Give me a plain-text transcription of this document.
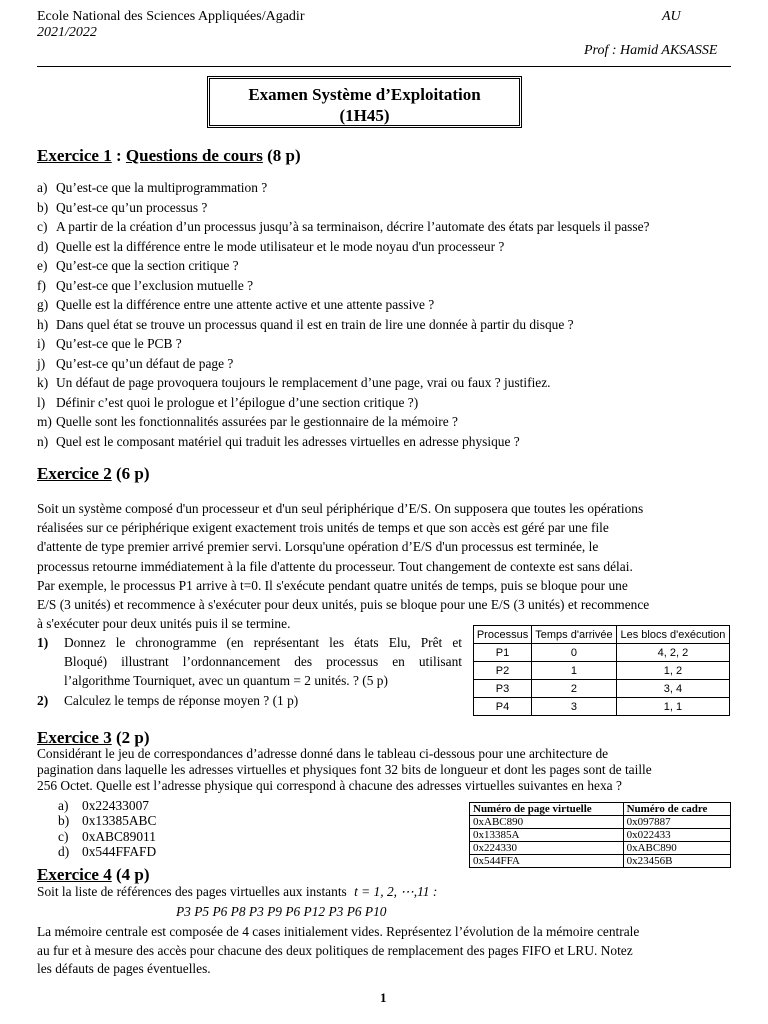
Ecole National des Sciences Appliquées/Agadir
2021/2022
AU
Prof : Hamid AKSASSE
Examen Système d’Exploitation
(1H45)
Exercice 1 : Questions de cours (8 p)
a) Qu’est-ce que la multiprogrammation ?
b) Qu’est-ce qu’un processus ?
c) A partir de la création d’un processus jusqu’à sa terminaison, décrire l’automate des états par lesquels il passe?
d) Quelle est la différence entre le mode utilisateur et le mode noyau d'un processeur ?
e) Qu’est-ce que la section critique ?
f) Qu’est-ce que l’exclusion mutuelle ?
g) Quelle est la différence entre une attente active et une attente passive ?
h) Dans quel état se trouve un processus quand il est en train de lire une donnée à partir du disque ?
i) Qu’est-ce que le PCB ?
j) Qu’est-ce qu’un défaut de page ?
k) Un défaut de page provoquera toujours le remplacement d’une page, vrai ou faux ? justifiez.
l) Définir c’est quoi le prologue et l’épilogue d’une section critique ?)
m) Quelle sont les fonctionnalités assurées par le gestionnaire de la mémoire ?
n) Quel est le composant matériel qui traduit les adresses virtuelles en adresse physique ?
Exercice 2 (6 p)
Soit un système composé d'un processeur et d'un seul périphérique d’E/S. On supposera que toutes les opérations
réalisées sur ce périphérique exigent exactement trois unités de temps et que son accès est géré par une file
d'attente de type premier arrivé premier servi. Lorsqu'une opération d’E/S d'un processus est terminée, le
processus retourne immédiatement à la file d'attente du processeur. Tout changement de contexte est sans délai.
Par exemple, le processus P1 arrive à t=0. Il s'exécute pendant quatre unités de temps, puis se bloque pour une
E/S (3 unités) et recommence à s'exécuter pour deux unités, puis se bloque pour une E/S (3 unités) et recommence
à s'exécuter pour deux unités puis il se termine.
1) Donnez le chronogramme (en représentant les états Elu, Prêt et
Bloqué) illustrant l’ordonnancement des processus en utilisant
l’algorithme Tourniquet, avec un quantum = 2 unités. ? (5 p)
2) Calculez le temps de réponse moyen ? (1 p)
Processus	Temps d'arrivée	Les blocs d'exécution
P1	0	4, 2, 2
P2	1	1, 2
P3	2	3, 4
P4	3	1, 1
Exercice 3 (2 p)
Considérant le jeu de correspondances d’adresse donné dans le tableau ci-dessous pour une architecture de
pagination dans laquelle les adresses virtuelles et physiques font 32 bits de longueur et dont les pages sont de taille
256 Octet. Quelle est l’adresse physique qui correspond à chacune des adresses virtuelles suivantes en hexa ?
a) 0x22433007
b) 0x13385ABC
c) 0xABC89011
d) 0x544FFAFD
Numéro de page virtuelle	Numéro de cadre
0xABC890	0x097887
0x13385A	0x022433
0x224330	0xABC890
0x544FFA	0x23456B
Exercice 4 (4 p)
Soit la liste de références des pages virtuelles aux instants t = 1, 2, ⋯,11 :
P3 P5 P6 P8 P3 P9 P6 P12 P3 P6 P10
La mémoire centrale est composée de 4 cases initialement vides. Représentez l’évolution de la mémoire centrale
au fur et à mesure des accès pour chacune des deux politiques de remplacement des pages FIFO et LRU. Notez
les défauts de pages éventuelles.
1
